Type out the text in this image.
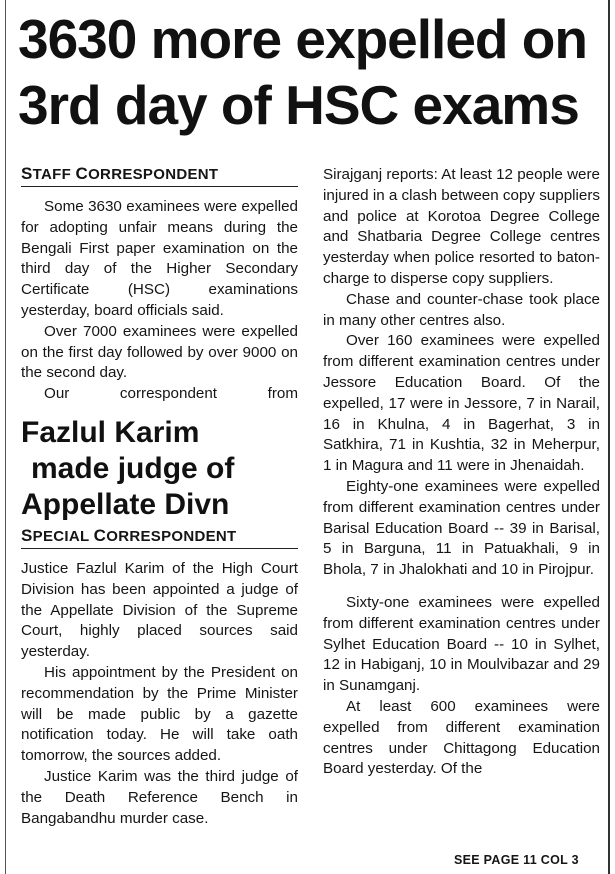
3630 more expelled on
3rd day of HSC exams
STAFF CORRESPONDENT

Some 3630 examinees were expelled for adopting unfair means during the Bengali First paper examination on the third day of the Higher Secondary Certificate (HSC) examinations yesterday, board officials said.

Over 7000 examinees were expelled on the first day followed by over 9000 on the second day.

Our correspondent from

Fazlul Karim
made judge of
Appellate Divn
SPECIAL CORRESPONDENT

Justice Fazlul Karim of the High Court Division has been appointed a judge of the Appellate Division of the Supreme Court, highly placed sources said yesterday.

His appointment by the President on recommendation by the Prime Minister will be made public by a gazette notification today. He will take oath tomorrow, the sources added.

Justice Karim was the third judge of the Death Reference Bench in Bangabandhu murder case.

Sirajganj reports: At least 12 people were injured in a clash between copy suppliers and police at Korotoa Degree College and Shatbaria Degree College centres yesterday when police resorted to baton-charge to disperse copy suppliers.

Chase and counter-chase took place in many other centres also.

Over 160 examinees were expelled from different examination centres under Jessore Education Board. Of the expelled, 17 were in Jessore, 7 in Narail, 16 in Khulna, 4 in Bagerhat, 3 in Satkhira, 71 in Kushtia, 32 in Meherpur, 1 in Magura and 11 were in Jhenaidah.

Eighty-one examinees were expelled from different examination centres under Barisal Education Board -- 39 in Barisal, 5 in Barguna, 11 in Patuakhali, 9 in Bhola, 7 in Jhalokhati and 10 in Pirojpur.

Sixty-one examinees were expelled from different examination centres under Sylhet Education Board -- 10 in Sylhet, 12 in Habiganj, 10 in Moulvibazar and 29 in Sunamganj.

At least 600 examinees were expelled from different examination centres under Chittagong Education Board yesterday. Of the

SEE PAGE 11 COL 3
